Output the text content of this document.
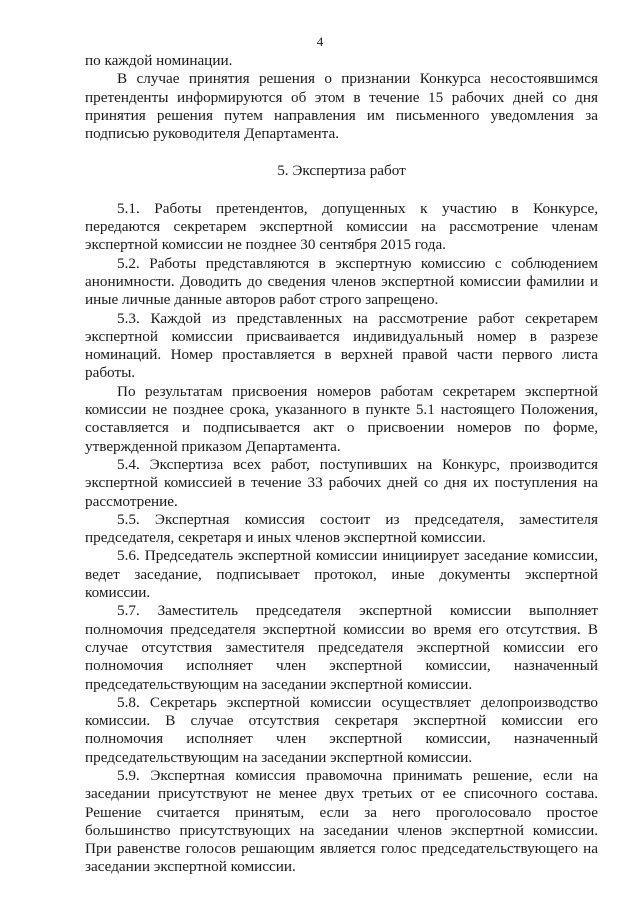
4

по каждой номинации.

В случае принятия решения о признании Конкурса несостоявшимся претенденты информируются об этом в течение 15 рабочих дней со дня принятия решения путем направления им письменного уведомления за подписью руководителя Департамента.

5. Экспертиза работ

5.1. Работы претендентов, допущенных к участию в Конкурсе, передаются секретарем экспертной комиссии на рассмотрение членам экспертной комиссии не позднее 30 сентября 2015 года.

5.2. Работы представляются в экспертную комиссию с соблюдением анонимности. Доводить до сведения членов экспертной комиссии фамилии и иные личные данные авторов работ строго запрещено.

5.3. Каждой из представленных на рассмотрение работ секретарем экспертной комиссии присваивается индивидуальный номер в разрезе номинаций. Номер проставляется в верхней правой части первого листа работы.

По результатам присвоения номеров работам секретарем экспертной комиссии не позднее срока, указанного в пункте 5.1 настоящего Положения, составляется и подписывается акт о присвоении номеров по форме, утвержденной приказом Департамента.

5.4. Экспертиза всех работ, поступивших на Конкурс, производится экспертной комиссией в течение 33 рабочих дней со дня их поступления на рассмотрение.

5.5. Экспертная комиссия состоит из председателя, заместителя председателя, секретаря и иных членов экспертной комиссии.

5.6. Председатель экспертной комиссии инициирует заседание комиссии, ведет заседание, подписывает протокол, иные документы экспертной комиссии.

5.7. Заместитель председателя экспертной комиссии выполняет полномочия председателя экспертной комиссии во время его отсутствия. В случае отсутствия заместителя председателя экспертной комиссии его полномочия исполняет член экспертной комиссии, назначенный председательствующим на заседании экспертной комиссии.

5.8. Секретарь экспертной комиссии осуществляет делопроизводство комиссии. В случае отсутствия секретаря экспертной комиссии его полномочия исполняет член экспертной комиссии, назначенный председательствующим на заседании экспертной комиссии.

5.9. Экспертная комиссия правомочна принимать решение, если на заседании присутствуют не менее двух третьих от ее списочного состава. Решение считается принятым, если за него проголосовало простое большинство присутствующих на заседании членов экспертной комиссии. При равенстве голосов решающим является голос председательствующего на заседании экспертной комиссии.
